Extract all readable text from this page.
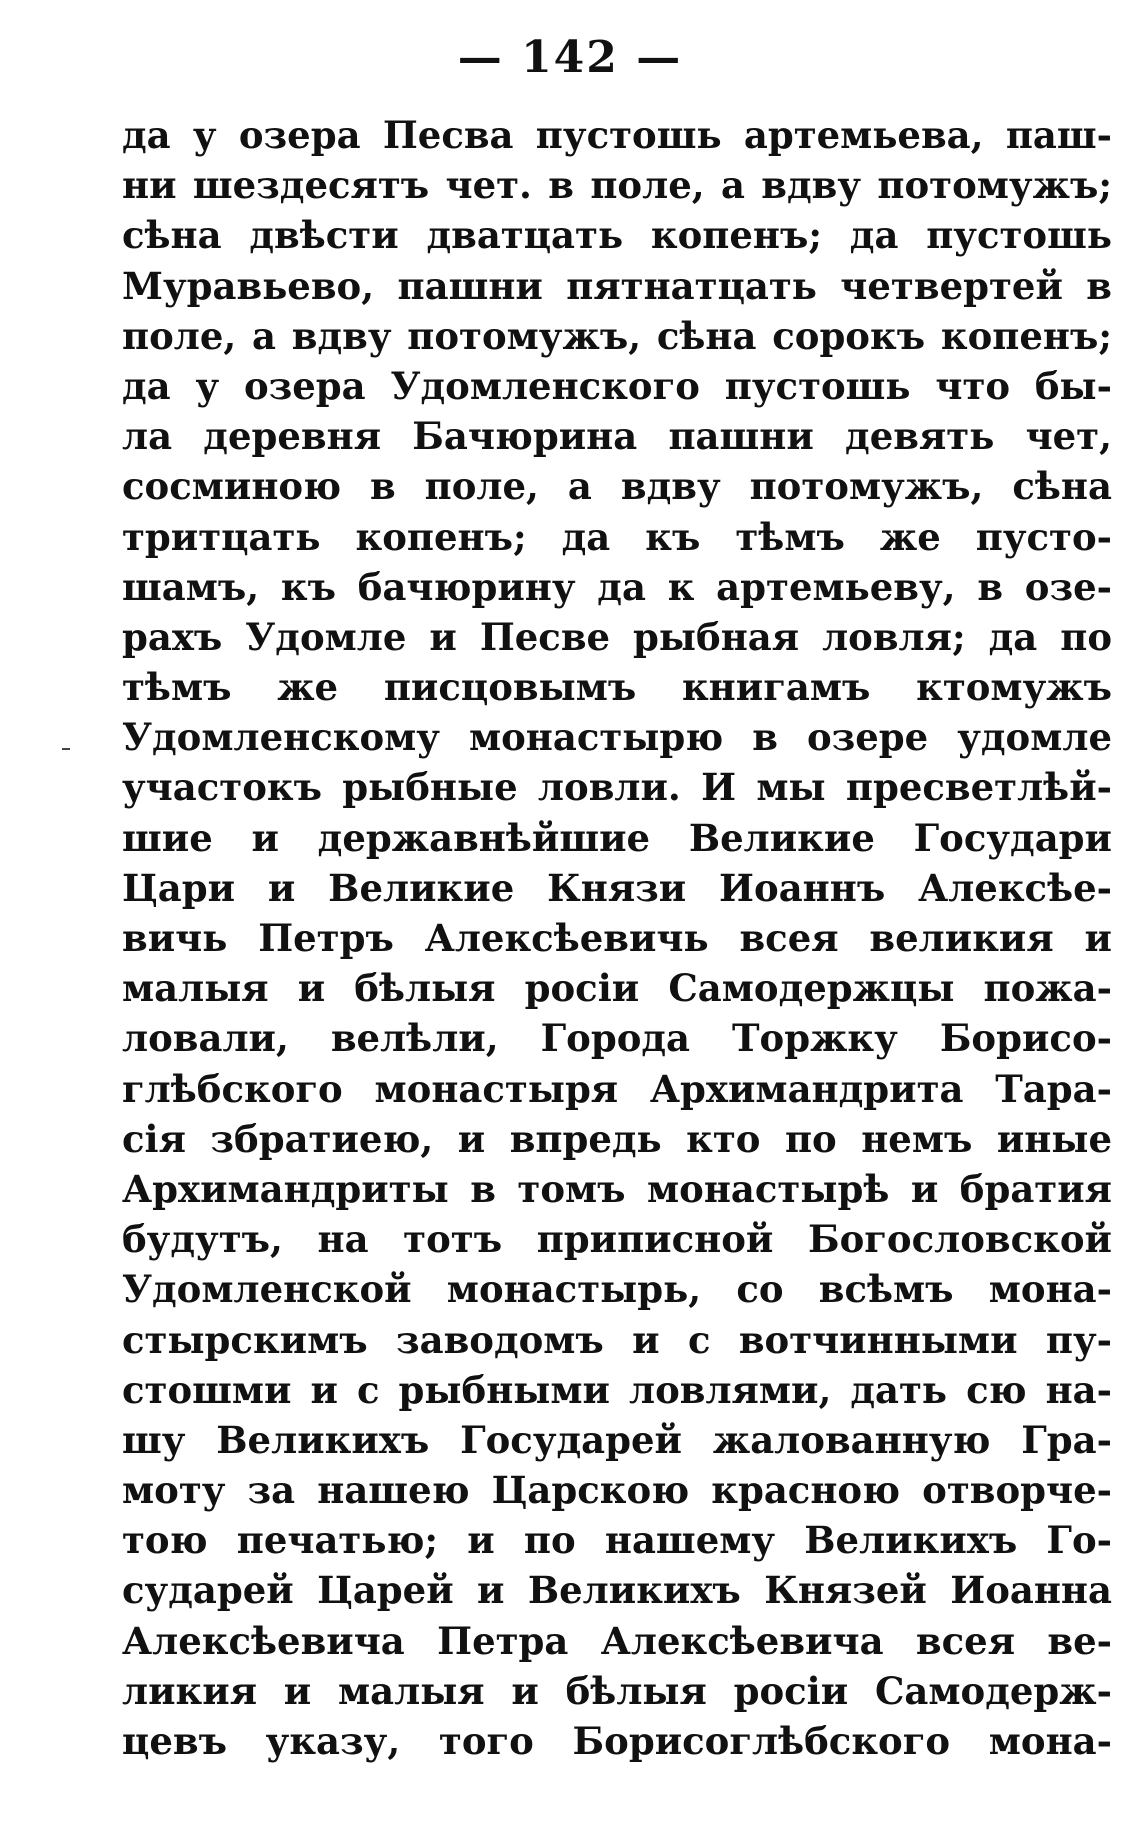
— 142 —
да у озера Песва пустошь артемьева, паш-
ни шездесятъ чет. в поле, а вдву потомужъ;
сѣна двѣсти дватцать копенъ; да пустошь
Муравьево, пашни пятнатцать четвертей в
поле, а вдву потомужъ, сѣна сорокъ копенъ;
да у озера Удомленского пустошь что бы-
ла деревня Бачюрина пашни девять чет,
сосминою в поле, а вдву потомужъ, сѣна
тритцать копенъ; да къ тѣмъ же пусто-
шамъ, къ бачюрину да к артемьеву, в озе-
рахъ Удомле и Песве рыбная ловля; да по
тѣмъ же писцовымъ книгамъ ктомужъ
Удомленскому монастырю в озере удомле
участокъ рыбные ловли. И мы пресветлѣй-
шие и державнѣйшие Великие Государи
Цари и Великие Князи Иоаннъ Алексѣе-
вичь Петръ Алексѣевичь всея великия и
малыя и бѣлыя росіи Самодержцы пожа-
ловали, велѣли, Города Торжку Борисо-
глѣбского монастыря Архимандрита Тара-
сія збратиею, и впредь кто по немъ иные
Архимандриты в томъ монастырѣ и братия
будутъ, на тотъ приписной Богословской
Удомленской монастырь, со всѣмъ мона-
стырскимъ заводомъ и с вотчинными пу-
стошми и с рыбными ловлями, дать сю на-
шу Великихъ Государей жалованную Гра-
моту за нашею Царскою красною отворче-
тою печатью; и по нашему Великихъ Го-
сударей Царей и Великихъ Князей Иоанна
Алексѣевича Петра Алексѣевича всея ве-
ликия и малыя и бѣлыя росіи Самодерж-
цевъ указу, того Борисоглѣбского мона-
